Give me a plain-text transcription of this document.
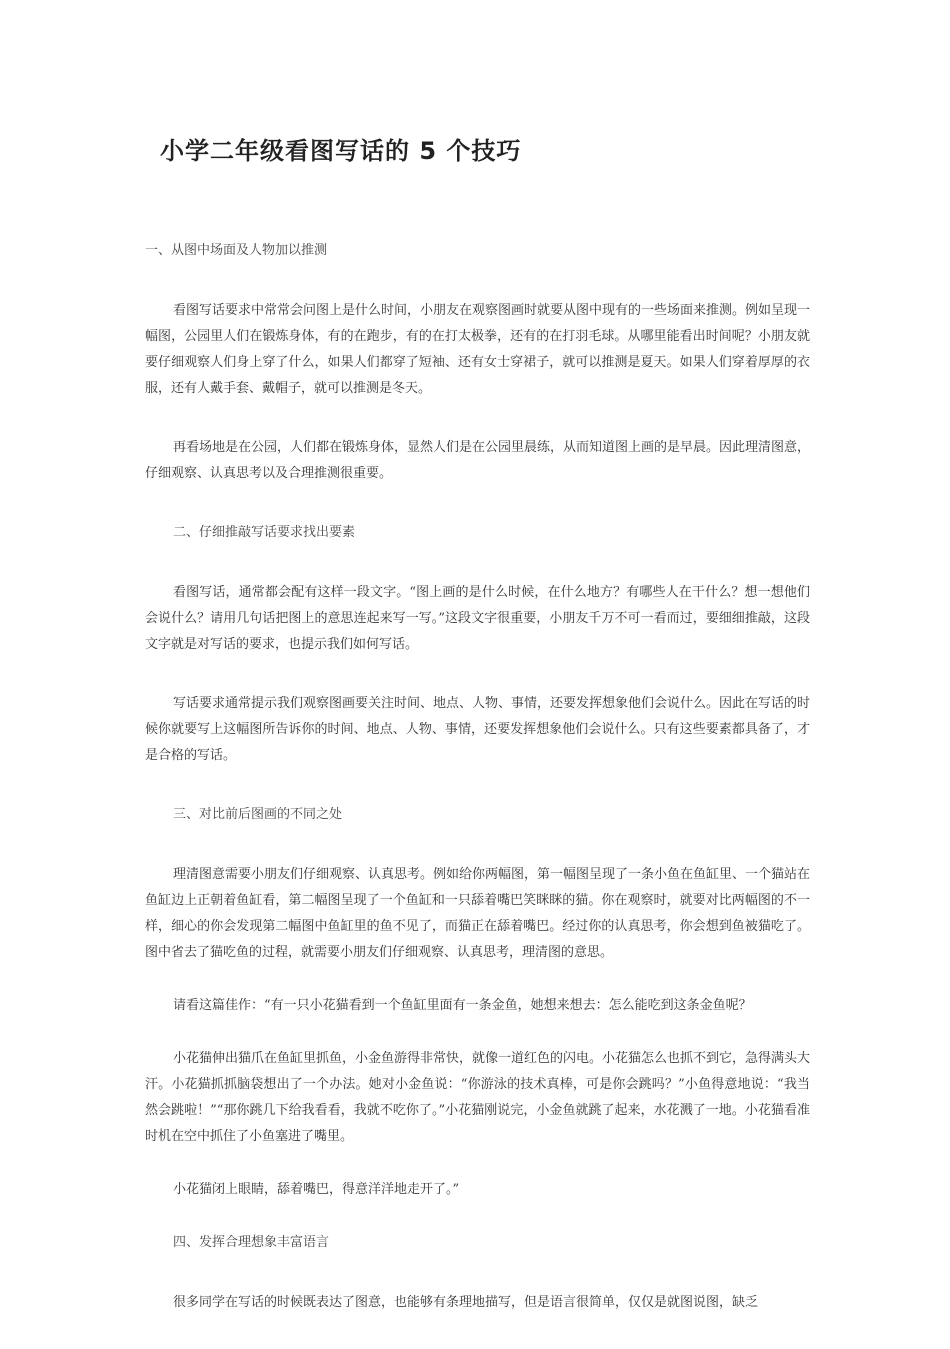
小学二年级看图写话的 5 个技巧

一、从图中场面及人物加以推测

看图写话要求中常常会问图上是什么时间，小朋友在观察图画时就要从图中现有的一些场面来推测。例如呈现一幅图，公园里人们在锻炼身体，有的在跑步，有的在打太极拳，还有的在打羽毛球。从哪里能看出时间呢？小朋友就要仔细观察人们身上穿了什么，如果人们都穿了短袖、还有女士穿裙子，就可以推测是夏天。如果人们穿着厚厚的衣服，还有人戴手套、戴帽子，就可以推测是冬天。

再看场地是在公园，人们都在锻炼身体，显然人们是在公园里晨练，从而知道图上画的是早晨。因此理清图意，仔细观察、认真思考以及合理推测很重要。

二、仔细推敲写话要求找出要素

看图写话，通常都会配有这样一段文字。“图上画的是什么时候，在什么地方？有哪些人在干什么？想一想他们会说什么？请用几句话把图上的意思连起来写一写。”这段文字很重要，小朋友千万不可一看而过，要细细推敲，这段文字就是对写话的要求，也提示我们如何写话。

写话要求通常提示我们观察图画要关注时间、地点、人物、事情，还要发挥想象他们会说什么。因此在写话的时候你就要写上这幅图所告诉你的时间、地点、人物、事情，还要发挥想象他们会说什么。只有这些要素都具备了，才是合格的写话。

三、对比前后图画的不同之处

理清图意需要小朋友们仔细观察、认真思考。例如给你两幅图，第一幅图呈现了一条小鱼在鱼缸里、一个猫站在鱼缸边上正朝着鱼缸看，第二幅图呈现了一个鱼缸和一只舔着嘴巴笑眯眯的猫。你在观察时，就要对比两幅图的不一样，细心的你会发现第二幅图中鱼缸里的鱼不见了，而猫正在舔着嘴巴。经过你的认真思考，你会想到鱼被猫吃了。图中省去了猫吃鱼的过程，就需要小朋友们仔细观察、认真思考，理清图的意思。

请看这篇佳作：“有一只小花猫看到一个鱼缸里面有一条金鱼，她想来想去：怎么能吃到这条金鱼呢？

小花猫伸出猫爪在鱼缸里抓鱼，小金鱼游得非常快，就像一道红色的闪电。小花猫怎么也抓不到它，急得满头大汗。小花猫抓抓脑袋想出了一个办法。她对小金鱼说：“你游泳的技术真棒，可是你会跳吗？”小鱼得意地说：“我当然会跳啦！”“那你跳几下给我看看，我就不吃你了。”小花猫刚说完，小金鱼就跳了起来，水花溅了一地。小花猫看准时机在空中抓住了小鱼塞进了嘴里。

小花猫闭上眼睛，舔着嘴巴，得意洋洋地走开了。”

四、发挥合理想象丰富语言

很多同学在写话的时候既表达了图意，也能够有条理地描写，但是语言很简单，仅仅是就图说图，缺乏
